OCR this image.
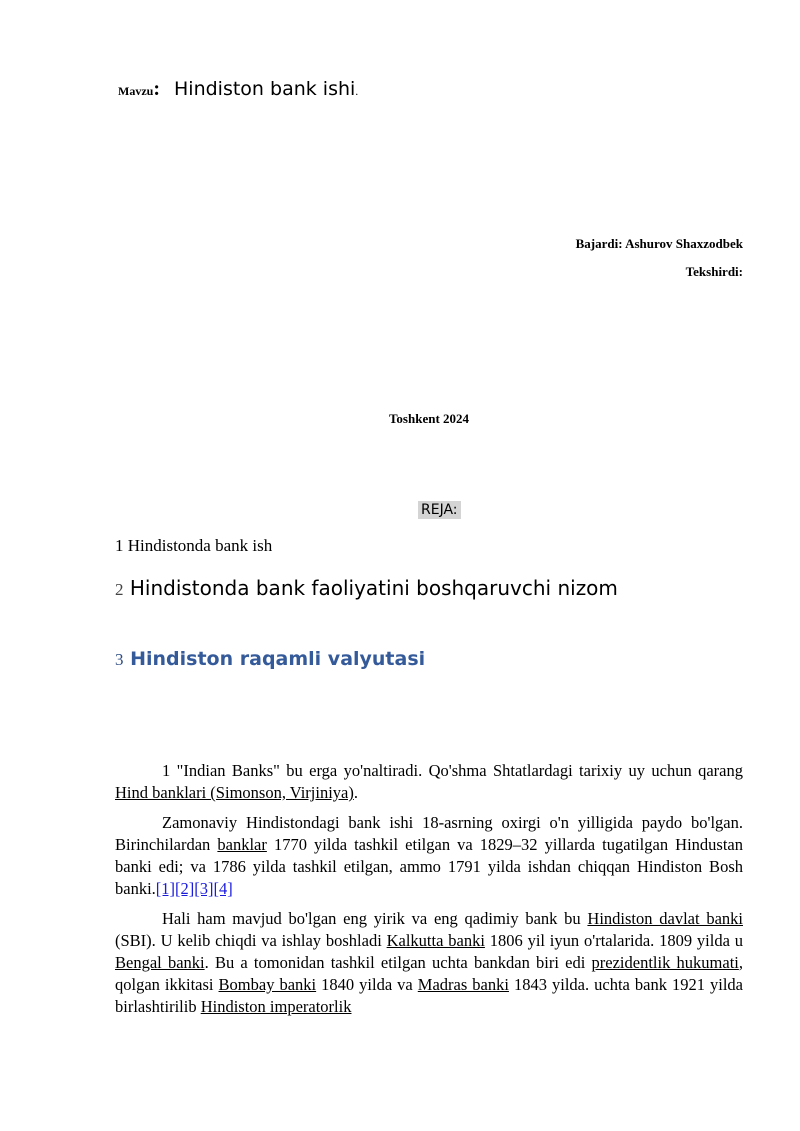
Mavzu: Hindiston bank ishi.
Bajardi: Ashurov Shaxzodbek
Tekshirdi:
Toshkent 2024
REJA:
1 Hindistonda bank ish
2 Hindistonda bank faoliyatini boshqaruvchi nizom
3 Hindiston raqamli valyutasi

1 "Indian Banks" bu erga yo'naltiradi. Qo'shma Shtatlardagi tarixiy uy uchun qarang Hind banklari (Simonson, Virjiniya).

Zamonaviy Hindistondagi bank ishi 18-asrning oxirgi o'n yilligida paydo bo'lgan. Birinchilardan banklar 1770 yilda tashkil etilgan va 1829–32 yillarda tugatilgan Hindustan banki edi; va 1786 yilda tashkil etilgan, ammo 1791 yilda ishdan chiqqan Hindiston Bosh banki.[1][2][3][4]

Hali ham mavjud bo'lgan eng yirik va eng qadimiy bank bu Hindiston davlat banki (SBI). U kelib chiqdi va ishlay boshladi Kalkutta banki 1806 yil iyun o'rtalarida. 1809 yilda u Bengal banki. Bu a tomonidan tashkil etilgan uchta bankdan biri edi prezidentlik hukumati, qolgan ikkitasi Bombay banki 1840 yilda va Madras banki 1843 yilda. uchta bank 1921 yilda birlashtirilib Hindiston imperatorlik
